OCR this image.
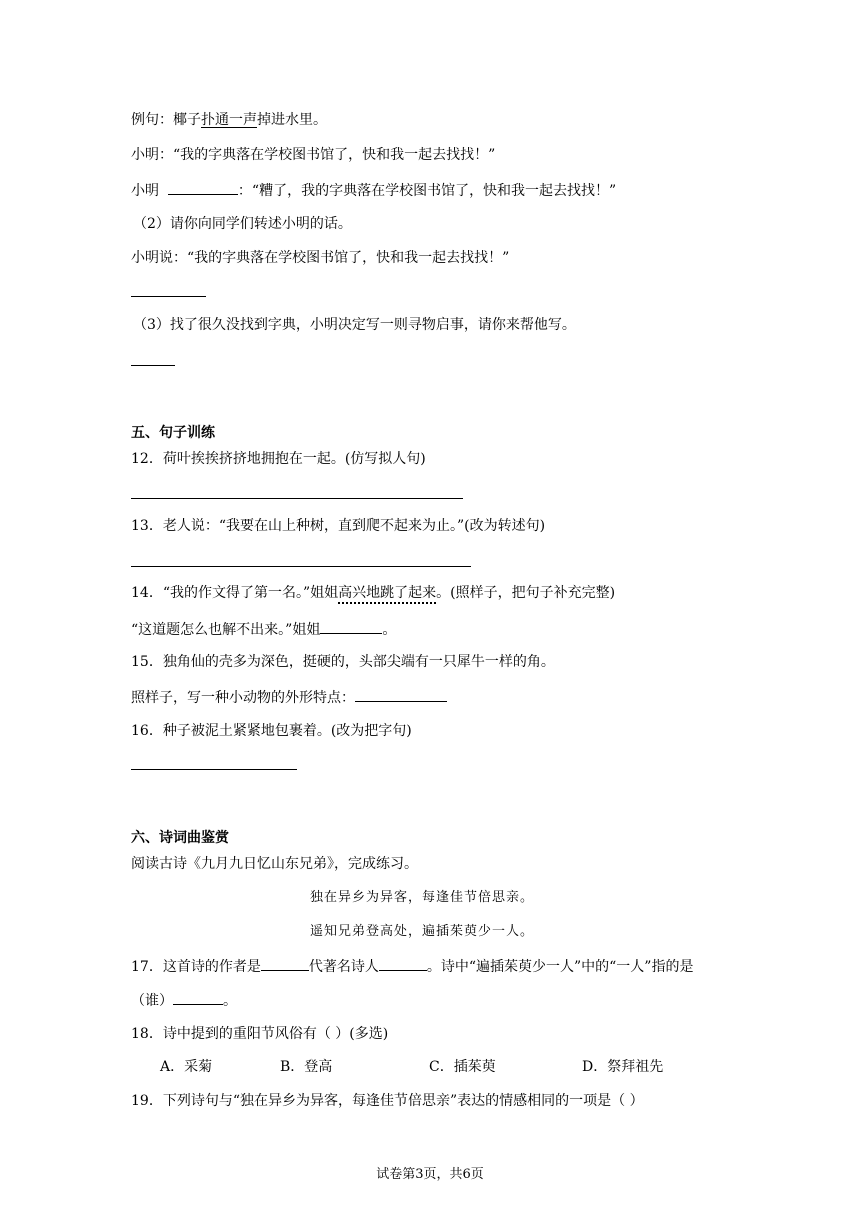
例句：椰子扑通一声掉进水里。
小明：“我的字典落在学校图书馆了，快和我一起去找找！”
小明	：“糟了，我的字典落在学校图书馆了，快和我一起去找找！”
（2）请你向同学们转述小明的话。
小明说：“我的字典落在学校图书馆了，快和我一起去找找！”
（3）找了很久没找到字典，小明决定写一则寻物启事，请你来帮他写。
五、句子训练
12．荷叶挨挨挤挤地拥抱在一起。(仿写拟人句)
13．老人说：“我要在山上种树，直到爬不起来为止。”(改为转述句)
14．“我的作文得了第一名。”姐姐高兴地跳了起来。(照样子，把句子补充完整)
“这道题怎么也解不出来。”姐姐	。
15．独角仙的壳多为深色，挺硬的，头部尖端有一只犀牛一样的角。
照样子，写一种小动物的外形特点：
16．种子被泥土紧紧地包裹着。(改为把字句)
六、诗词曲鉴赏
阅读古诗《九月九日忆山东兄弟》，完成练习。
独在异乡为异客，每逢佳节倍思亲。
遥知兄弟登高处，遍插茱萸少一人。
17．这首诗的作者是	代著名诗人	。诗中“遍插茱萸少一人”中的“一人”指的是
（谁）	。
18．诗中提到的重阳节风俗有（ ）(多选)
A．采菊	B．登高	C．插茱萸	D．祭拜祖先
19．下列诗句与“独在异乡为异客，每逢佳节倍思亲”表达的情感相同的一项是（ ）
试卷第3页，共6页
